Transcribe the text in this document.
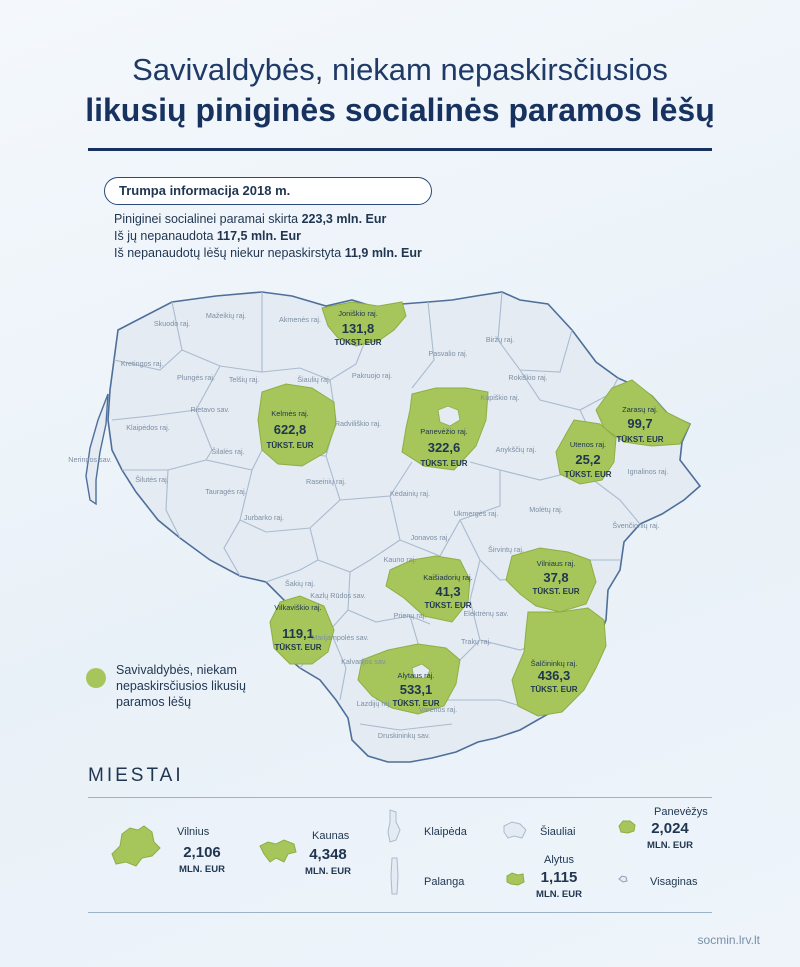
Savivaldybės, niekam nepaskirsčiusios
likusių piniginės socialinės paramos lėšų
Trumpa informacija 2018 m.
Piniginei socialinei paramai skirta 223,3 mln. Eur
Iš jų nepanaudota 117,5 mln. Eur
Iš nepanaudotų lėšų niekur nepaskirstyta 11,9 mln. Eur
Skuodo raj.
Mažeikių raj.	Akmenės raj.
Kretingos raj.
Plungės raj. Telšių raj.	Šiaulių raj.	Pakruojo raj.
Pasvalio raj.
Biržų raj.
Rokiškio raj.
Kupiškio raj.
Rietavo sav.
Klaipėdos raj.
Neringos sav.
Šilalės raj.
Šilutės raj.
Radviliškio raj.
Anykščių raj.
Ignalinos raj.
Tauragės raj.
Raseinių raj.
Kėdainių raj.
Ukmergės raj.	Molėtų raj.
Švenčionių raj.
Jurbarko raj.
Jonavos raj.
Kauno raj.
Širvintų raj.
Šakių raj.
Kazlų Rūdos sav.
Elektrėnų sav.
Marijampolės sav.
Prienų raj.
Trakų raj.
Kalvarijos sav.
Lazdijų raj.
Varėnos raj.
Druskininkų sav.
Joniškio raj.
131,8
TŪKST. EUR
Kelmės raj.
622,8
TŪKST. EUR
Panevėžio raj.
322,6
TŪKST. EUR
Zarasų raj.
99,7
TŪKST. EUR
Utenos raj.
25,2
TŪKST. EUR
Kaišiadorių raj.
41,3
TŪKST. EUR
Vilniaus raj.
37,8
TŪKST. EUR
Vilkaviškio raj.
119,1
TŪKST. EUR
Šalčininkų raj.
436,3
TŪKST. EUR
Alytaus raj.
533,1
TŪKST. EUR
Savivaldybės, niekam nepaskirsčiusios likusių paramos lėšų
MIESTAI
Vilnius
2,106
MLN. EUR
Kaunas
4,348
MLN. EUR
Klaipėda
Palanga
Šiauliai
Alytus
1,115
MLN. EUR
Panevėžys
2,024
MLN. EUR
Visaginas
socmin.lrv.lt
